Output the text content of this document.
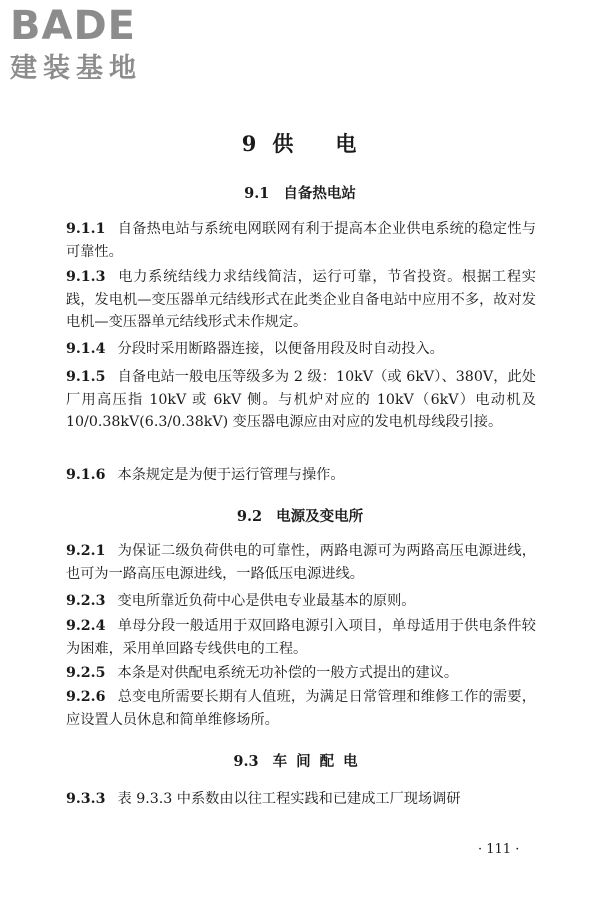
BADE
建装基地
9 供 电
9.1 自备热电站

9.1.1 自备热电站与系统电网联网有利于提高本企业供电系统的稳定性与可靠性。

9.1.3 电力系统结线力求结线简洁，运行可靠，节省投资。根据工程实践，发电机—变压器单元结线形式在此类企业自备电站中应用不多，故对发电机—变压器单元结线形式未作规定。

9.1.4 分段时采用断路器连接，以便备用段及时自动投入。

9.1.5 自备电站一般电压等级多为 2 级：10kV（或 6kV）、380V，此处厂用高压指 10kV 或 6kV 侧。与机炉对应的 10kV（6kV）电动机及 10/0.38kV(6.3/0.38kV) 变压器电源应由对应的发电机母线段引接。

9.1.6 本条规定是为便于运行管理与操作。

9.2 电源及变电所

9.2.1 为保证二级负荷供电的可靠性，两路电源可为两路高压电源进线，也可为一路高压电源进线，一路低压电源进线。

9.2.3 变电所靠近负荷中心是供电专业最基本的原则。

9.2.4 单母分段一般适用于双回路电源引入项目，单母适用于供电条件较为困难，采用单回路专线供电的工程。

9.2.5 本条是对供配电系统无功补偿的一般方式提出的建议。

9.2.6 总变电所需要长期有人值班，为满足日常管理和维修工作的需要，应设置人员休息和简单维修场所。

9.3 车间配电

9.3.3 表 9.3.3 中系数由以往工程实践和已建成工厂现场调研

· 111 ·
